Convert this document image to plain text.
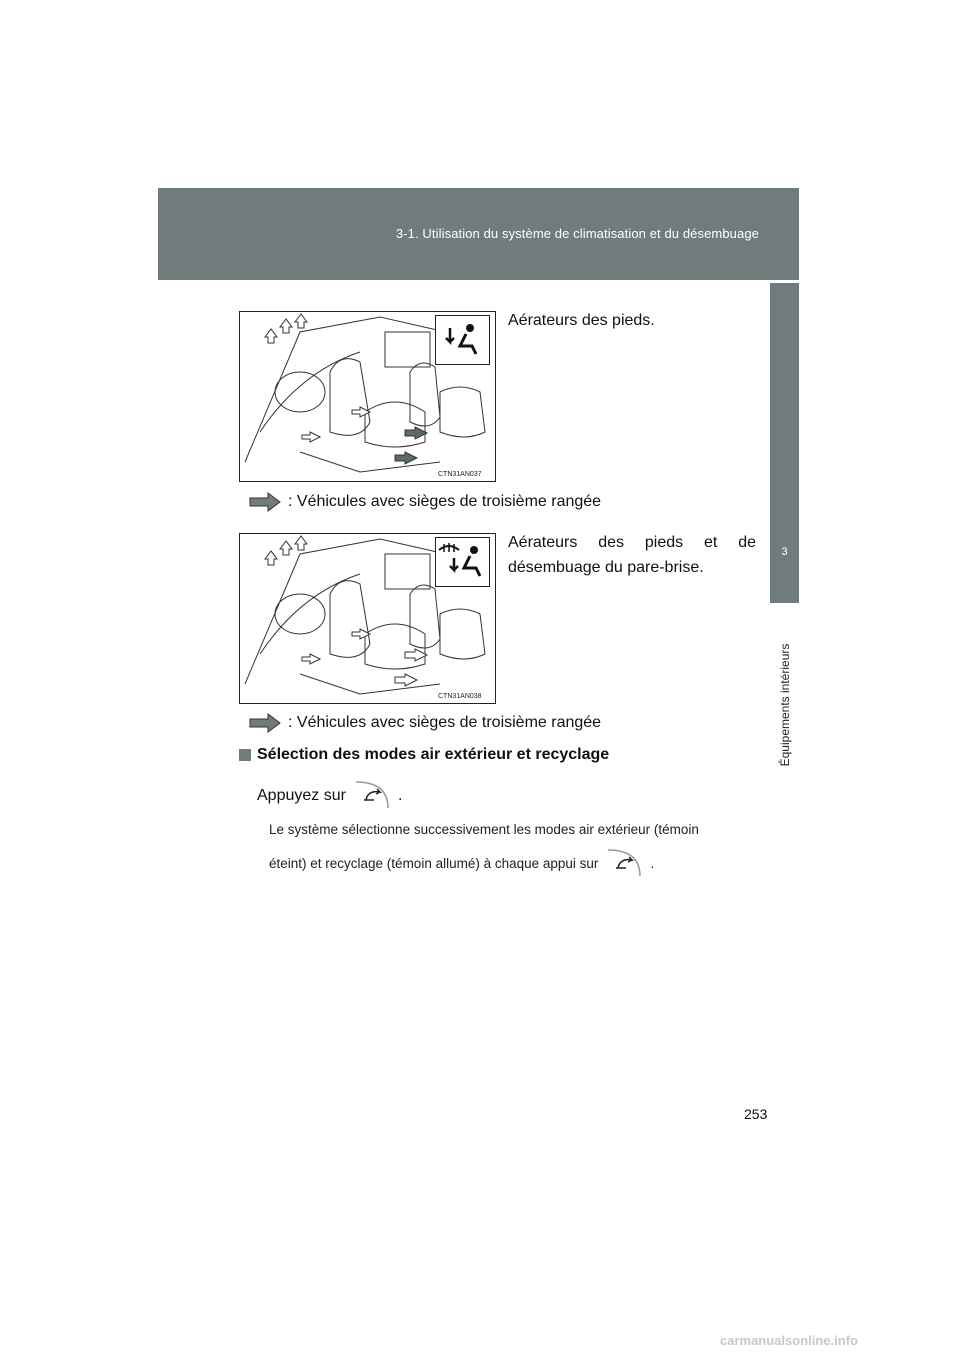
3-1. Utilisation du système de climatisation et du désembuage
3
Équipements intérieurs
CTN31AN037
Aérateurs des pieds.
: Véhicules avec sièges de troisième rangée
CTN31AN038
Aérateurs des pieds et de
désembuage du pare-brise.
: Véhicules avec sièges de troisième rangée
Sélection des modes air extérieur et recyclage
Appuyez sur	.
Le système sélectionne successivement les modes air extérieur (témoin
éteint) et recyclage (témoin allumé) à chaque appui sur	.
253
carmanualsonline.info
